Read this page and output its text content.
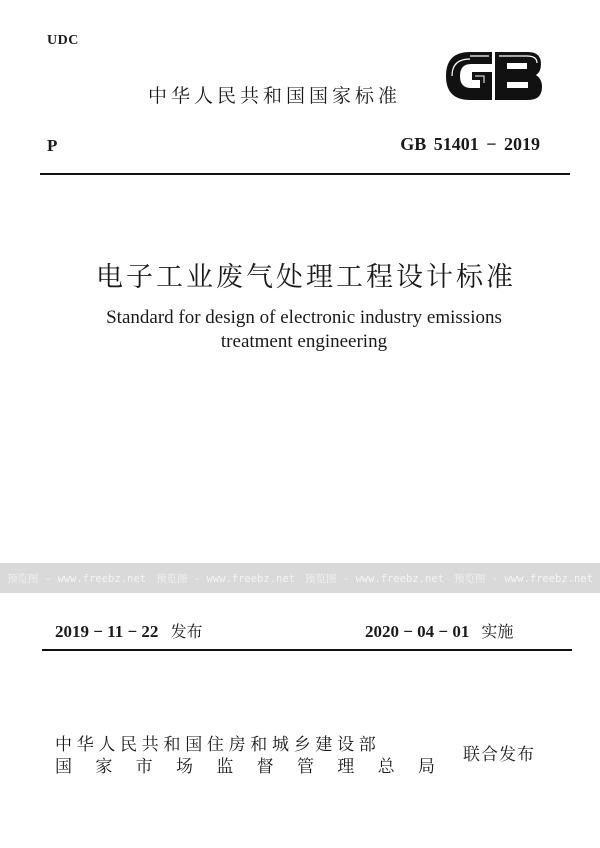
UDC
中华人民共和国国家标准
P	GB 51401 − 2019
电子工业废气处理工程设计标准
Standard for design of electronic industry emissions
treatment engineering
预览图 - www.freebz.net 预览图 - www.freebz.net 预览图 - www.freebz.net 预览图 - www.freebz.net
2019 − 11 − 22 发布	2020 − 04 − 01 实施
中华人民共和国住房和城乡建设部
国 家 市 场 监 督 管 理 总 局
联合发布
